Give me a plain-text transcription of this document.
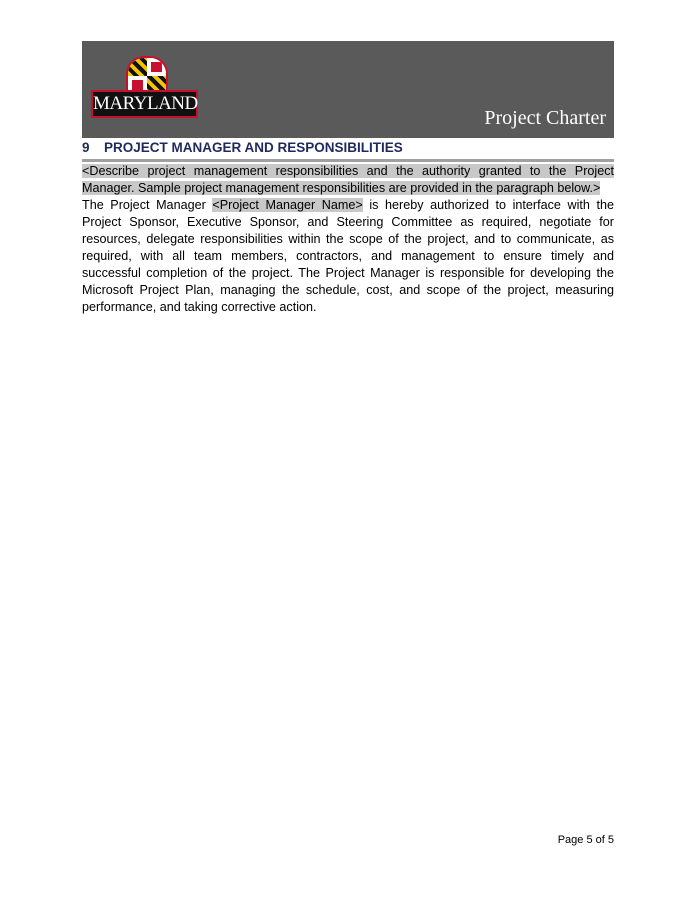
MARYLAND
Project Charter
9 PROJECT MANAGER AND RESPONSIBILITIES

<Describe project management responsibilities and the authority granted to the Project Manager. Sample project management responsibilities are provided in the paragraph below.>

The Project Manager <Project Manager Name> is hereby authorized to interface with the Project Sponsor, Executive Sponsor, and Steering Committee as required, negotiate for resources, delegate responsibilities within the scope of the project, and to communicate, as required, with all team members, contractors, and management to ensure timely and successful completion of the project. The Project Manager is responsible for developing the Microsoft Project Plan, managing the schedule, cost, and scope of the project, measuring performance, and taking corrective action.

Page 5 of 5
